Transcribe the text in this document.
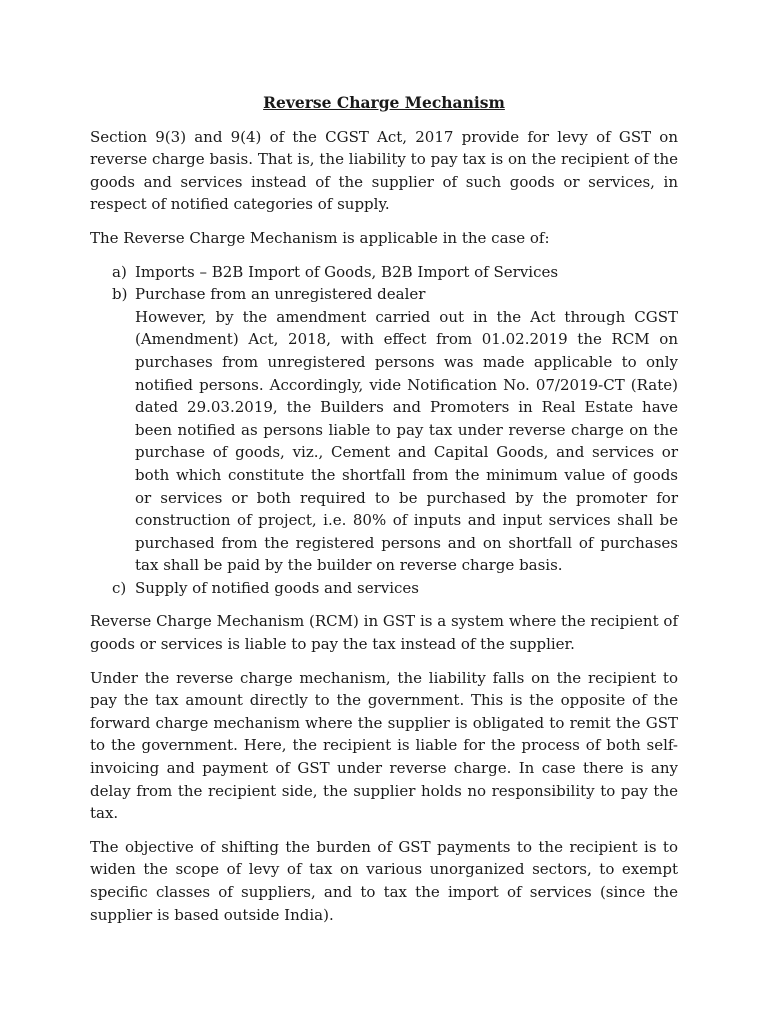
Reverse Charge Mechanism

Section 9(3) and 9(4) of the CGST Act, 2017 provide for levy of GST on reverse charge basis. That is, the liability to pay tax is on the recipient of the goods and services instead of the supplier of such goods or services, in respect of notified categories of supply.

The Reverse Charge Mechanism is applicable in the case of:

a) Imports – B2B Import of Goods, B2B Import of Services
b) Purchase from an unregistered dealer
However, by the amendment carried out in the Act through CGST (Amendment) Act, 2018, with effect from 01.02.2019 the RCM on purchases from unregistered persons was made applicable to only notified persons. Accordingly, vide Notification No. 07/2019-CT (Rate) dated 29.03.2019, the Builders and Promoters in Real Estate have been notified as persons liable to pay tax under reverse charge on the purchase of goods, viz., Cement and Capital Goods, and services or both which constitute the shortfall from the minimum value of goods or services or both required to be purchased by the promoter for construction of project, i.e. 80% of inputs and input services shall be purchased from the registered persons and on shortfall of purchases tax shall be paid by the builder on reverse charge basis.
c) Supply of notified goods and services

Reverse Charge Mechanism (RCM) in GST is a system where the recipient of goods or services is liable to pay the tax instead of the supplier.

Under the reverse charge mechanism, the liability falls on the recipient to pay the tax amount directly to the government. This is the opposite of the forward charge mechanism where the supplier is obligated to remit the GST to the government. Here, the recipient is liable for the process of both self-invoicing and payment of GST under reverse charge. In case there is any delay from the recipient side, the supplier holds no responsibility to pay the tax.

The objective of shifting the burden of GST payments to the recipient is to widen the scope of levy of tax on various unorganized sectors, to exempt specific classes of suppliers, and to tax the import of services (since the supplier is based outside India).
